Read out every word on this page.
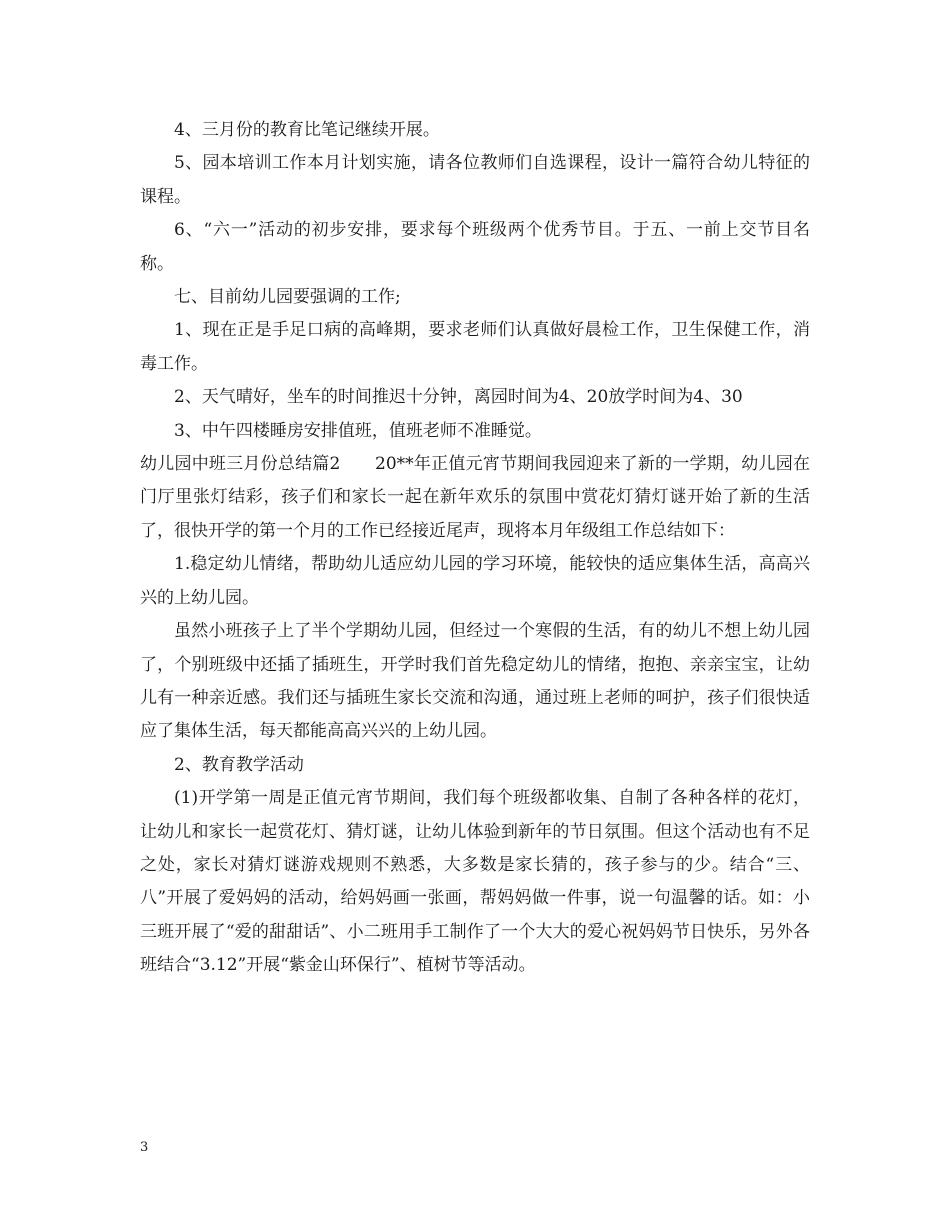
4、三月份的教育比笔记继续开展。

5、园本培训工作本月计划实施，请各位教师们自选课程，设计一篇符合幼儿特征的课程。

6、“六一”活动的初步安排，要求每个班级两个优秀节目。于五、一前上交节目名称。

七、目前幼儿园要强调的工作;

1、现在正是手足口病的高峰期，要求老师们认真做好晨检工作，卫生保健工作，消毒工作。

2、天气晴好，坐车的时间推迟十分钟，离园时间为4、20放学时间为4、30

3、中午四楼睡房安排值班，值班老师不准睡觉。

幼儿园中班三月份总结篇2　　20**年正值元宵节期间我园迎来了新的一学期，幼儿园在门厅里张灯结彩，孩子们和家长一起在新年欢乐的氛围中赏花灯猜灯谜开始了新的生活了，很快开学的第一个月的工作已经接近尾声，现将本月年级组工作总结如下：

1.稳定幼儿情绪，帮助幼儿适应幼儿园的学习环境，能较快的适应集体生活，高高兴兴的上幼儿园。

虽然小班孩子上了半个学期幼儿园，但经过一个寒假的生活，有的幼儿不想上幼儿园了，个别班级中还插了插班生，开学时我们首先稳定幼儿的情绪，抱抱、亲亲宝宝，让幼儿有一种亲近感。我们还与插班生家长交流和沟通，通过班上老师的呵护，孩子们很快适应了集体生活，每天都能高高兴兴的上幼儿园。

2、教育教学活动

(1)开学第一周是正值元宵节期间，我们每个班级都收集、自制了各种各样的花灯，让幼儿和家长一起赏花灯、猜灯谜，让幼儿体验到新年的节日氛围。但这个活动也有不足之处，家长对猜灯谜游戏规则不熟悉，大多数是家长猜的，孩子参与的少。结合“三、八”开展了爱妈妈的活动，给妈妈画一张画，帮妈妈做一件事，说一句温馨的话。如：小三班开展了“爱的甜甜话”、小二班用手工制作了一个大大的爱心祝妈妈节日快乐，另外各班结合“3.12”开展“紫金山环保行”、植树节等活动。

3
